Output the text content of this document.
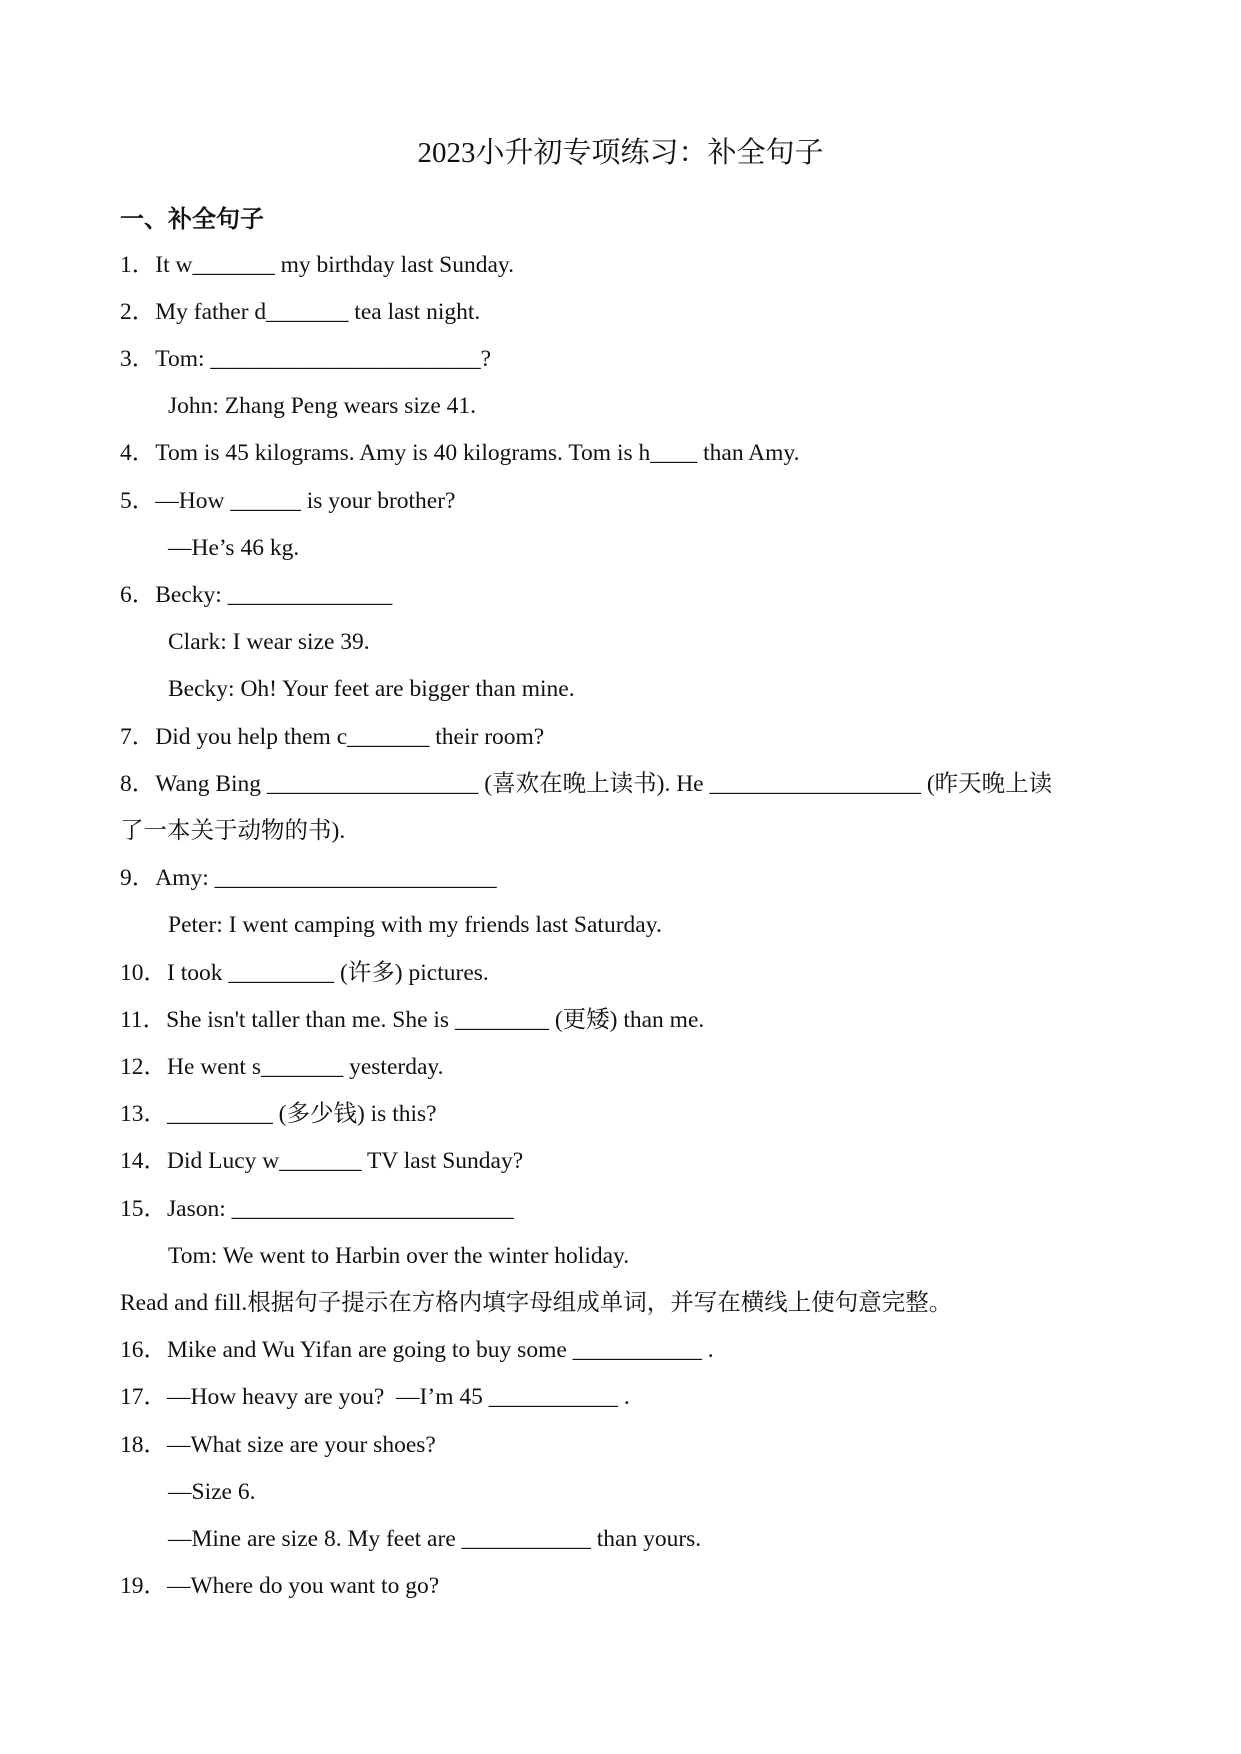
2023小升初专项练习：补全句子
一、补全句子
1．It w_______ my birthday last Sunday.
2．My father d_______ tea last night.
3．Tom: _______________________?
John: Zhang Peng wears size 41.
4．Tom is 45 kilograms. Amy is 40 kilograms. Tom is h____ than Amy.
5．—How ______ is your brother?
—He’s 46 kg.
6．Becky: ______________
Clark: I wear size 39.
Becky: Oh! Your feet are bigger than mine.
7．Did you help them c_______ their room?
8．Wang Bing __________________ (喜欢在晚上读书). He __________________ (昨天晚上读
了一本关于动物的书).
9．Amy: ________________________
Peter: I went camping with my friends last Saturday.
10．I took _________ (许多) pictures.
11．She isn't taller than me. She is ________ (更矮) than me.
12．He went s_______ yesterday.
13．_________ (多少钱) is this?
14．Did Lucy w_______ TV last Sunday?
15．Jason: ________________________
Tom: We went to Harbin over the winter holiday.
Read and fill.根据句子提示在方格内填字母组成单词，并写在横线上使句意完整。
16．Mike and Wu Yifan are going to buy some ___________ .
17．—How heavy are you?  —I’m 45 ___________ .
18．—What size are your shoes?
—Size 6.
—Mine are size 8. My feet are ___________ than yours.
19．—Where do you want to go?
